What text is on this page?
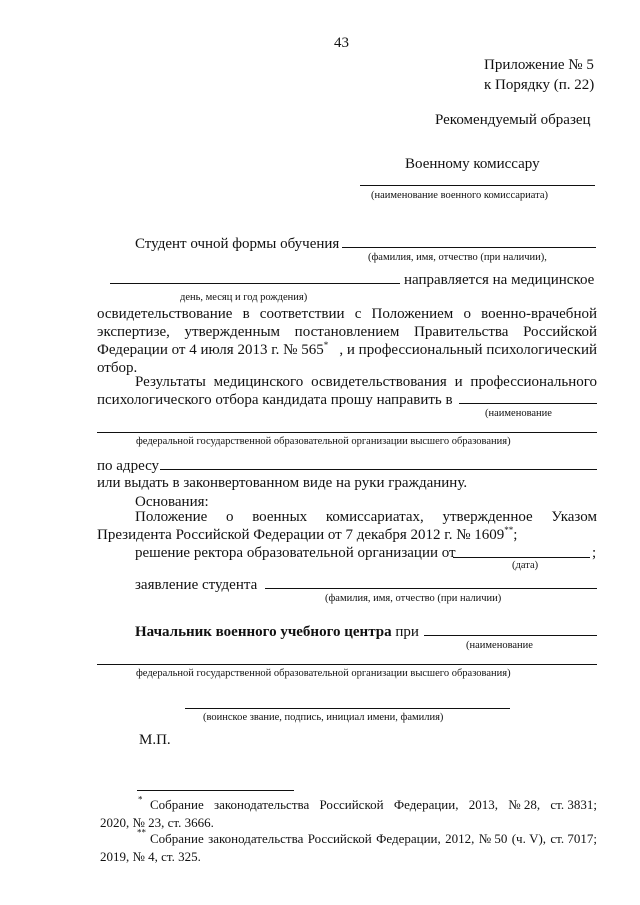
43
Приложение № 5
к Порядку (п. 22)
Рекомендуемый образец
Военному комиссару
(наименование военного комиссариата)
Студент очной формы обучения
(фамилия, имя, отчество (при наличии),
направляется на медицинское
день, месяц и год рождения)
освидетельствование в соответствии с Положением о военно-врачебной
экспертизе, утвержденным постановлением Правительства Российской
Федерации от 4 июля 2013 г. № 565* , и профессиональный психологический
отбор.
Результаты медицинского освидетельствования и профессионального
психологического отбора кандидата прошу направить в
(наименование
федеральной государственной образовательной организации высшего образования)
по адресу
или выдать в законвертованном виде на руки гражданину.
Основания:
Положение о военных комиссариатах, утвержденное Указом
Президента Российской Федерации от 7 декабря 2012 г. № 1609**;
решение ректора образовательной организации от	;
(дата)
заявление студента
(фамилия, имя, отчество (при наличии)
Начальник военного учебного центра при
(наименование
федеральной государственной образовательной организации высшего образования)
(воинское звание, подпись, инициал имени, фамилия)
М.П.
* Собрание законодательства Российской Федерации, 2013, № 28, ст. 3831;
2020, № 23, ст. 3666.
** Собрание законодательства Российской Федерации, 2012, № 50 (ч. V), ст. 7017;
2019, № 4, ст. 325.
